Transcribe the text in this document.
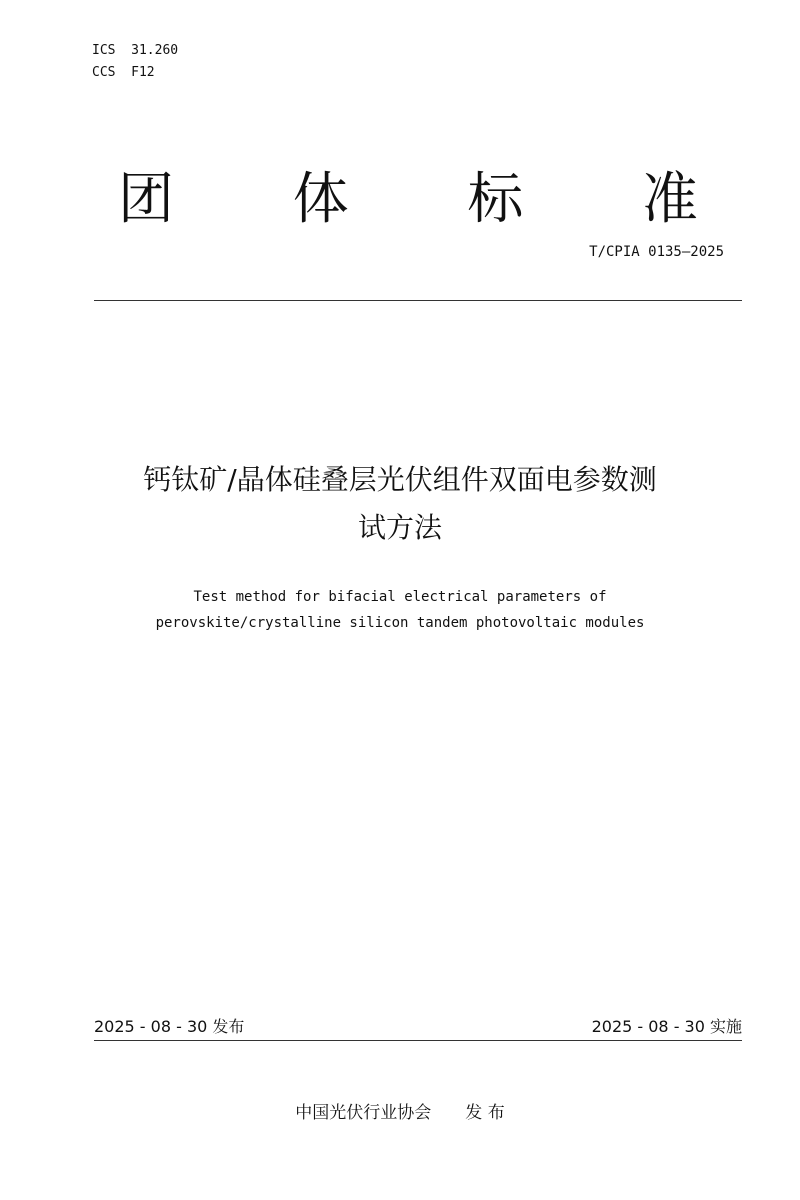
ICS  31.260
CCS  F12
团 体 标 准
T/CPIA 0135—2025
钙钛矿/晶体硅叠层光伏组件双面电参数测
试方法
Test method for bifacial electrical parameters of
perovskite/crystalline silicon tandem photovoltaic modules
2025 - 08 - 30 发布	2025 - 08 - 30 实施
中国光伏行业协会 发 布
